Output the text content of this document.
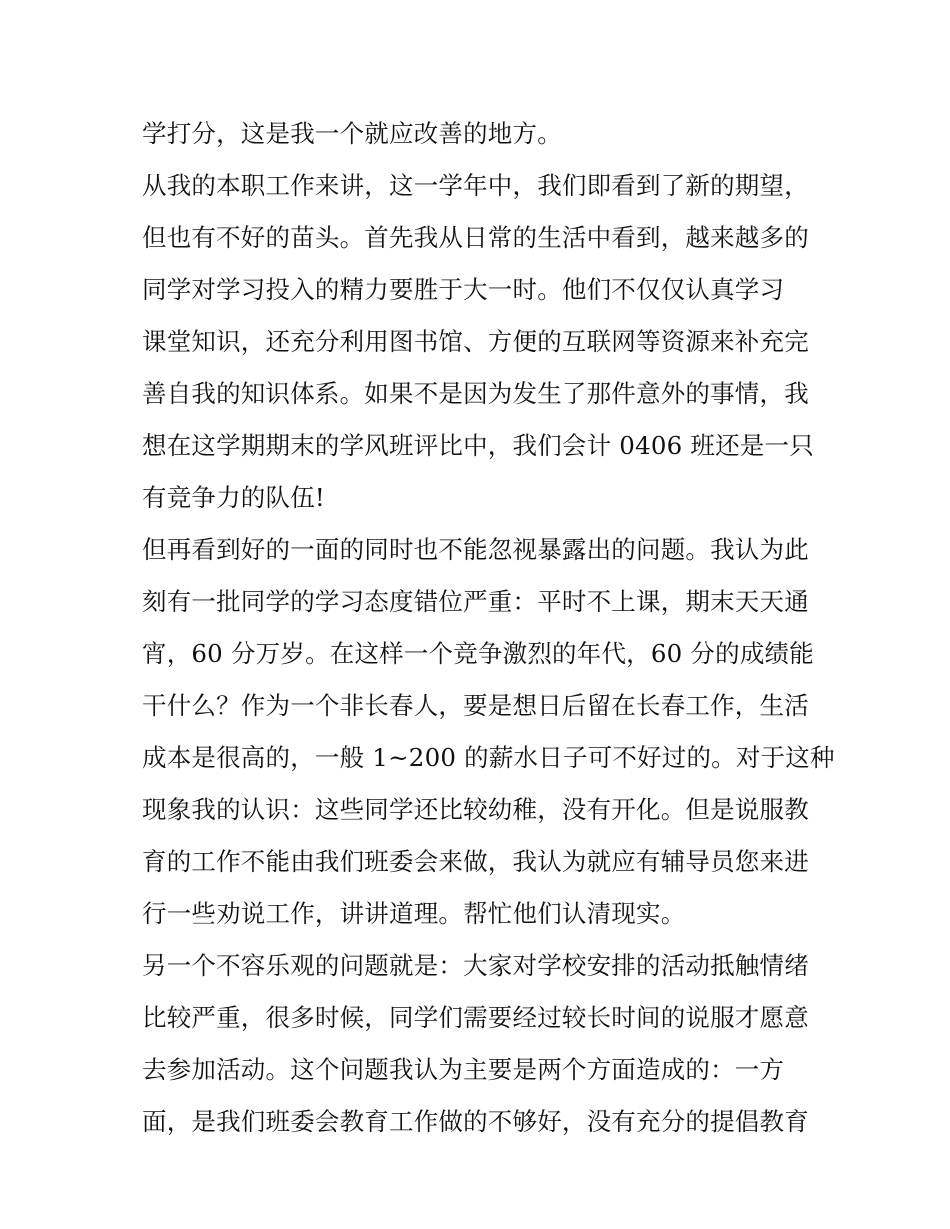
学打分，这是我一个就应改善的地方。
从我的本职工作来讲，这一学年中，我们即看到了新的期望，
但也有不好的苗头。首先我从日常的生活中看到，越来越多的
同学对学习投入的精力要胜于大一时。他们不仅仅认真学习
课堂知识，还充分利用图书馆、方便的互联网等资源来补充完
善自我的知识体系。如果不是因为发生了那件意外的事情，我
想在这学期期末的学风班评比中，我们会计 0406 班还是一只
有竞争力的队伍!
但再看到好的一面的同时也不能忽视暴露出的问题。我认为此
刻有一批同学的学习态度错位严重：平时不上课，期末天天通
宵，60 分万岁。在这样一个竞争激烈的年代，60 分的成绩能
干什么？作为一个非长春人，要是想日后留在长春工作，生活
成本是很高的，一般 1~200 的薪水日子可不好过的。对于这种
现象我的认识：这些同学还比较幼稚，没有开化。但是说服教
育的工作不能由我们班委会来做，我认为就应有辅导员您来进
行一些劝说工作，讲讲道理。帮忙他们认清现实。
另一个不容乐观的问题就是：大家对学校安排的活动抵触情绪
比较严重，很多时候，同学们需要经过较长时间的说服才愿意
去参加活动。这个问题我认为主要是两个方面造成的：一方
面，是我们班委会教育工作做的不够好，没有充分的提倡教育
